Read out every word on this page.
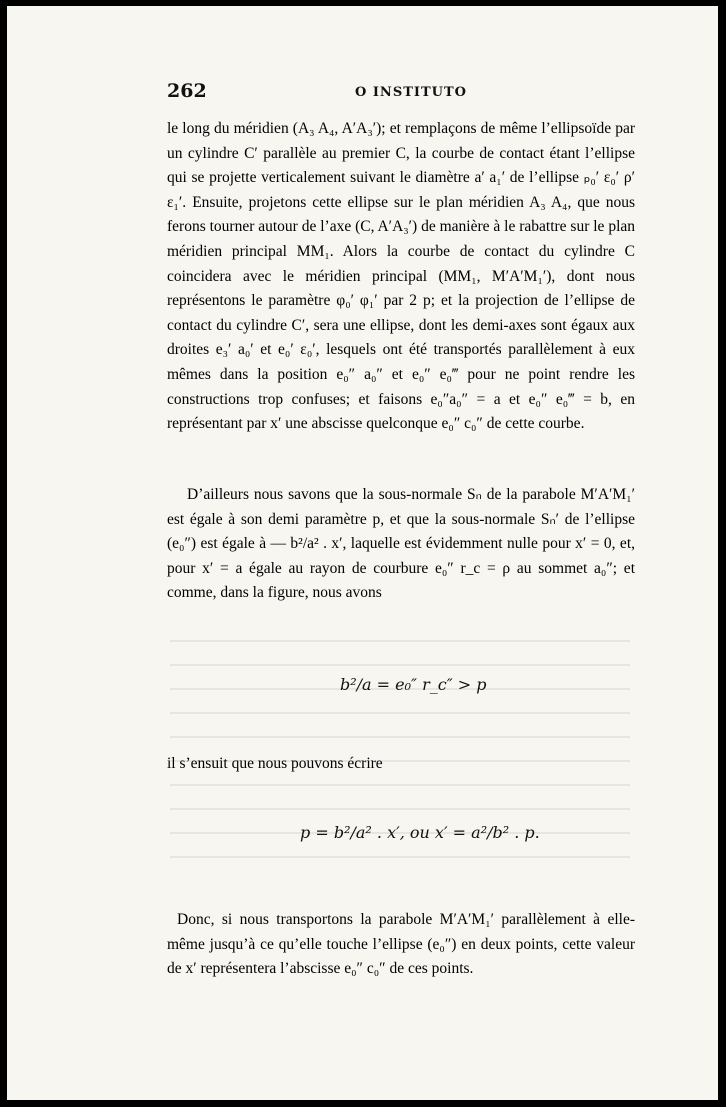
262	O INSTITUTO

le long du méridien (A₃ A₄, A′A₃′); et remplaçons de même l’ellipsoïde par un cylindre C′ parallèle au premier C, la courbe de contact étant l’ellipse qui se projette verticalement suivant le diamètre a′ a₁′ de l’ellipse ₚ₀′ ε₀′ ρ′ ε₁′. Ensuite, projetons cette ellipse sur le plan méridien A₃ A₄, que nous ferons tourner autour de l’axe (C, A′A₃′) de manière à le rabattre sur le plan méridien principal MM₁. Alors la courbe de contact du cylindre C coincidera avec le méridien principal (MM₁, M′A′M₁′), dont nous représentons le paramètre φ₀′ φ₁′ par 2 p; et la projection de l’ellipse de contact du cylindre C′, sera une ellipse, dont les demi-axes sont égaux aux droites e₃′ a₀′ et e₀′ ε₀′, lesquels ont été transportés parallèlement à eux mêmes dans la position e₀″ a₀″ et e₀″ e₀‴ pour ne point rendre les constructions trop confuses; et faisons e₀″a₀″ = a et e₀″ e₀‴ = b, en représentant par x′ une abscisse quelconque e₀″ c₀″ de cette courbe.

D’ailleurs nous savons que la sous-normale Sₙ de la parabole M′A′M₁′ est égale à son demi paramètre p, et que la sous-normale Sₙ′ de l’ellipse (e₀″) est égale à — b²/a² . x′, laquelle est évidemment nulle pour x′ = 0, et, pour x′ = a égale au rayon de courbure e₀″ r_c = ρ au sommet a₀″; et comme, dans la figure, nous avons

b²/a = e₀″ r_c″ > p

il s’ensuit que nous pouvons écrire

p = b²/a² . x′, ou x′ = a²/b² . p.

Donc, si nous transportons la parabole M′A′M₁′ parallèlement à elle-même jusqu’à ce qu’elle touche l’ellipse (e₀″) en deux points, cette valeur de x′ représentera l’abscisse e₀″ c₀″ de ces points.
